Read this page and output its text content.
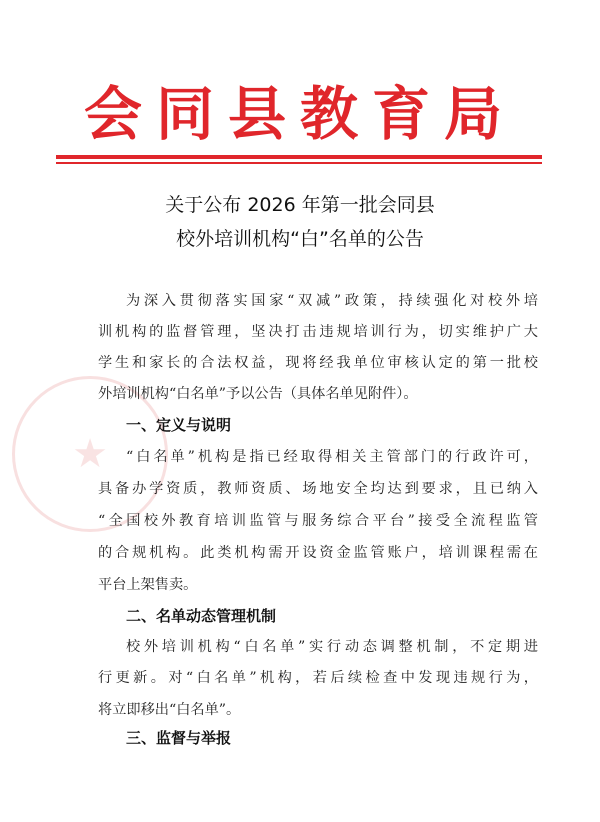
会同县教育局
关于公布 2026 年第一批会同县
校外培训机构“白”名单的公告
★
为深入贯彻落实国家“双减”政策，持续强化对校外培
训机构的监督管理，坚决打击违规培训行为，切实维护广大
学生和家长的合法权益，现将经我单位审核认定的第一批校
外培训机构“白名单”予以公告（具体名单见附件）。
一、定义与说明
“白名单”机构是指已经取得相关主管部门的行政许可，
具备办学资质，教师资质、场地安全均达到要求，且已纳入
“全国校外教育培训监管与服务综合平台”接受全流程监管
的合规机构。此类机构需开设资金监管账户，培训课程需在
平台上架售卖。
二、名单动态管理机制
校外培训机构“白名单”实行动态调整机制，不定期进
行更新。对“白名单”机构，若后续检查中发现违规行为，
将立即移出“白名单”。
三、监督与举报
